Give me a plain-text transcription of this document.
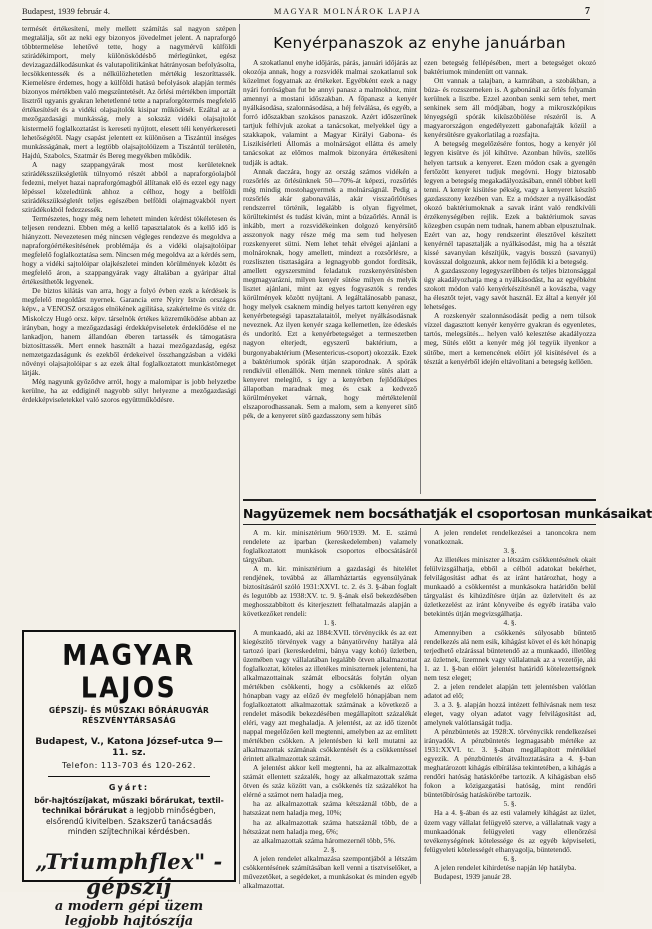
Budapest, 1939 február 4.	MAGYAR MOLNÁROK LAPJA	7

termését értékesítení, mely mellett számítás sal nagyon szépen megtalálja, sőt az neki egy bizonyos jövedelmet jelent. A napraforgó többtermelése lehetővé tette, hogy a nagymérvű külföldi szirádékimport, mely különösködésbő mérlegünket, egész devizagazdálkodásunkat és valutapolitikánkat hátrányosan befolyásolta, lecsökkentessék és a nélkülözhetetlen mértékig leszoríttassék. Kiemelésre érdemes, hogy a külföldi hatású befolyások alapján termés bizonyos mértékben való megszüntetését. Az őrlési mértékben importált lisztről ugyanis gyakran lehetetlenné tette a napraforgótermés megfelelő értékesítését és a vidéki olajsajtolók kisipar működését. Ezáltal az a mezőgazdasági munkásság, mely a sokszáz vidéki olajsajtolót kistermelő foglalkoztatást is kereseti nyújtott, elesett téli kenyérkereseti lehetőségétől. Nagy csapást jelentett ez különösen a Tiszántúl ínséges munkásságának, mert a legtöbb olajsajtolóüzem a Tiszántúl területén, Hajdú, Szabolcs, Szatmár és Bereg megyékben működik.

A nagy szappangyárak most most kerületeknek szirádéksszükségletük túlnyomó részét abból a napraforgóolajból fedezni, melyet hazai napraforgómagból állítanak elő és ezzel egy nagy lépéssel közeledtünk ahhoz a célhoz, hogy a belföldi szirádékszükségletét teljes egészében belföldi olajmagvakból nyert szirádékokból fedezzessék.

Természetes, hogy még nem lehetett minden kérdést tökéletesen és teljesen rendezni. Ebben még a kellő tapasztalatok és a kellő idő is hiányzott. Nevezetesen még nincsen végleges rendezve és megoldva a napraforgóértékesítésének problémája és a vidéki olajsajtolóipar megfelelő foglalkoztatása sem. Nincsen még megoldva az a kérdés sem, hogy a vidéki sajtolóipar olajkészletei minden körülmények között és megfelelő áron, a szappangyárak vagy általában a gyáripar által értékesíthetők legyenek.

De biztos kilátás van arra, hogy a folyó évben ezek a kérdések is megfelelő megoldást nyernek. Garancia erre Nyiry István országos képv., a VENOSZ országos elnökének agilitása, szakértelme és vitéz dr. Miskolczy Hugó orsz. képv. társelnök értékes közreműködése abban az irányban, hogy a mezőgazdasági érdekképviseletek érdeklődése el ne lankadjon, hanem állandóan éberen tartassék és támogatásra biztosíttassék. Mert ennek használt a hazai mezőgazdaság, egész nemzetgazdaságunk és ezekből érdekeivel összhangzásban a vidéki nővényi olajsajtolóipar s az ezek által foglalkoztatott munkástömeget látják.

Még nagyunk győződve arról, hogy a malomipar is jobb helyzetbe kerülne, ha az eddiginél nagyobb súlyt helyezne a mezőgazdasági érdekképviseletekkel való szoros együttműködésre.

Kenyérpanaszok az enyhe januárban

A szokatlanul enyhe időjárás, párás, januári időjárás az okozója annak, hogy a rozsvidék malmai szokatlanul sok közelmet fogyatnak az értékeket. Egyébként ezek a nagy nyári forróságban fut be annyi panasz a malmokhoz, mint amennyi a mostani időszakban. A főpanasz a kenyér nyálkásodása, szalonnásodása, a héj felválása, és egyéb, a forró időszakban szokásos panaszok. Azért időszerűnek tartjuk felhívjuk azokat a tanácsokat, melyekkel úgy a szakkapok, valamint a Magyar Királyi Gabona- és Liszikísérleti Állomás a molnárságot ellátta és amely tanácsokat az előmos malmok bizonyára értékesíteni tudják is adtak.

Annak daczára, hogy az ország számos vidékén a rozsőrlés az őrlésünknek 50—70%-át képezi, rozsőrlés még mindig mostohagyermek a molnárságnál. Pedig a rozsőrlés akár gabonaválás, akár visszaőrlőtéses rendszerrel történik, legalább is olyan figyelmet, körültekintést és tudást kíván, mint a búzaőrlés. Annál is inkább, mert a rozsvidékeinken dolgozó kenyérsütő asszonyok nagy része még ma sem tud helyesen rozskenyeret sütni. Nem lehet tehát elvégei ajánlani a molnároknak, hogy amellett, mindezt a rozsőrlésre, a rozsliszten tisztaságára a legnagyobb gondot fordítsák, amellett egyszersmind feladatuk rozskenyérsütésben megmagyarázni, milyen kenyér sütése milyen és melyik lisztet ajánlani, mint az egyes fogyasztók s rendes körülmények között nyújtani. A legáltalánosabb panasz, hogy melyek csaknem mindig helyes tartott kenyéren egy kenyérbetegségi tapasztalataitól, melyet nyálkásodásnak neveznek. Az ilyen kenyér szaga kellemetlen, íze édeskés és undorító. Ezt a kenyérbetegséget a termeszetben nagyon elterjedt, egyszerű baktérium, a burgonyabaktérium (Mesentericus-csoport) okozzák. Ezek a baktériumok spórák útján szaporodnak. A spórák rendkívül ellenállók. Nem mennek tönkre sütés alatt a kenyeret melegítő, s így a kenyérben fejlődőképes állapotban maradnak meg és csak a kedvező körülményeket várnak, hogy mértéktelenül elszaporodhassanak. Sem a malom, sem a kenyeret sütő pék, de a kenyeret sütő gazdasszony sem hibás

ezen betegség fellépésében, mert a betegséget okozó baktériumok mindenütt ott vannak.

Ott vannak a talajban, a kamrában, a szobákban, a búza- és rozsszemeken is. A gabonánál az őrlés folyamán kerülnek a lisztbe. Ezzel azonban senki sem tehet, mert senkinek sem áll módjában, hogy a mikroszkópikus lényegségű spórák kiküszöbölése részéről is. A magyarországon engedélyezett gabonafajták közül a kenyérsütésre gyakorlatilag a rozsfajta.

A betegség megelőzésére fontos, hogy a kenyér jól legyen kisütve és jól kihűtve. Azonban hűvös, szellős helyen tartsuk a kenyeret. Ezen módon csak a gyengén fertőzött kenyeret tudjuk megóvni. Hogy biztosabb legyen a betegség megakadályozásában, ennél többet kell tenni. A kenyér kisütése pékség, vagy a kenyeret készítő gazdasszony kezében van. Ez a módszer a nyálkásodást okozó baktériumoknak a savak iránt való rendkívüli érzékenységében rejlik. Ezek a baktériumok savas közegben csupán nem tudnak, hanem abban elpusztulnak. Ezért van az, hogy rendszerint élesztővel készített kenyérnél tapasztalják a nyálkásodást, mig ha a tésztát kissé savanyúan készítjük, vagyis bosszú (savanyú) kovásszal dolgozunk, akkor nem fejlődik ki a betegség.

A gazdasszony legegyszerűbben és teljes biztonsággal úgy akadályozhatja meg a nyálkásodást, ha az egyébként szokott módon való kenyérkészítésnél a kovászba, vagy ha élesztőt tejet, vagy savót használ. Ez által a kenyér jól lehetséges.

A rozskenyér szalonnásodását pedig a nem túlsok vízzel dagasztott kenyér kenyérre gyakran és egyenletes, tartós, melegsütés... helyen való kelesztése akadályozza meg, Sütés előtt a kenyér még jól tegyük ilyenkor a sütőbe, mert a kemencének előírt jól kisütésével és a tésztát a kenyérből idején eltávolítani a betegség kellően.

Nagyüzemek nem bocsáthatják el csoportosan munkásaikat

A m. kir. minisztérium 960/1939. M. E. számú rendelete az iparban (kereskedelemben) valamely foglalkoztatott munkások csoportos elbocsátásáról tárgyában.

A m. kir. minisztérium a gazdasági és hitelélet rendjének, továbbá az államháztartás egyensúlyának biztosításáról szóló 1931:XXVI. tc. 2. és 3. §-ában foglalt és legutóbb az 1938:XV. tc. 9. §-ának első bekezdésében meghosszabbított és kiterjesztett felhatalmazás alapján a következőket rendeli:

1. §.

A munkaadó, aki az 1884:XVII. törvénycikk és az ezt kiegészítő törvények vagy a bányatörvény hatálya alá tartozó ipari (kereskedelmi, bánya vagy kohó) üzletben, üzemében vagy vállalatában legalább ötven alkalmazottat foglalkoztat, köteles az illetékes miniszternek jelenteni, ha alkalmazottainak számát elbocsátás folytán olyan mértékben csökkenti, hogy a csökkenés az előző hónapban vagy az előző év megfelelő hónapjában nem foglalkoztatott alkalmazottak számának a következő a rendelet második bekezdésében megállapított százalékát eléri, vagy azt meghaladja. A jelentést, az az idő tizenöt nappal megelőzően kell megtenni, amelyben az az említett mértékben csökken. A jelentésben ki kell mutatni az alkalmazottak számának csökkentését és a csökkentéssel érintett alkalmazottak számát.

A jelentést akkor kell megtenni, ha az alkalmazottak számát ellentett százalék, hogy az alkalmazottak száma ötven és száz között van, a csökkenés tíz százalékot ha elérné a számot nem haladja meg,

ha az alkalmazottak száma kétszáznál több, de a hatszázat nem haladja meg, 10%;

ha az alkalmazottak száma hatszáznál több, de a hétszázat nem haladja meg, 6%;

az alkalmazottak száma háromezernél több, 5%.

2. §.

A jelen rendelet alkalmazása szempontjából a létszám csökkentésének számításában kell venni a tisztviselőket, a művezetőket, a segédeket, a munkásokat és minden egyéb alkalmazottat.

A jelen rendelet rendelkezései a tanoncokra nem vonatkoznak.

3. §.

Az illetékes miniszter a létszám csökkentésének okait felülvizsgálhatja, ebből a célból adatokat bekérhet, felvilágosítást adhat és az iránt határozhat, hogy a munkaadó a csökkentést a munkásokra határidőn belül tárgyalást és kihúzdítésre útján az üzletvitelt és az üzletkezelést az iránt könyveibe és egyéb iratába valo betekintés útján megvizsgálhatja.

4. §.

Amennyiben a csökkenés súlyosabb bűntető rendelkezés alá nem esik, kihágást követ el és két hónapig terjedhető elzárással büntetendő az a munkaadó, illetőleg az üzletnek, üzemnek vagy vállalatnak az a vezetője, aki 1. az 1. §-ban előírt jelentést határidő kötelezettségnek nem tesz eleget;

2. a jelen rendelet alapján tett jelentésben valótlan adatot ad elő;

3. a 3. §. alapján hozzá intézett felhívásnak nem tesz eleget, vagy olyan adatot vagy felvilágosítást ad, amelynek valótlanságát tudja.

A pénzbüntetés az 1928:X. törvénycikk rendelkezései irányadók. A pénzbüntetés legmagasabb mértéke az 1931:XXVI. tc. 3. §-ában megállapított mértékkel egyezik. A pénzbüntetés átváltoztatására a 4. §-ban meghatározott kihágás elbírálása tekintetében, a kihágás a rendőri hatóság hatáskörébe tartozik. A kihágásban első fokon a közigazgatási hatóság, mint rendőri büntetőbíróság hatáskörébe tartozik.

5. §.

Ha a 4. §-ában és az esti valamely kihágást az üzlet, üzem vagy vállalat felügyelő szerve, a vállalatnak vagy a munkaadónak felügyeleti vagy ellenőrzési tevékenységének kötelessége és az egyéb képviseleti, felügyeleti kötelességét elhanyagolja, büntetendő.

6. §.

A jelen rendelet kihirdetése napján lép hatályba.

Budapest, 1939 január 28.

MAGYAR LAJOS
GÉPSZÍJ- ÉS MŰSZAKI BŐRÁRUGYÁR RÉSZVÉNYTÁRSASÁG
Budapest, V., Katona József-utca 9—11. sz.
Telefon: 113-703 és 120-262.
Gyárt:
bőr-hajtószíjakat, műszaki bőrárukat, textil-technikai bőrárukat a legjobb minőségben, elsőrendű kivitelben. Szakszerű tanácsadás minden szíjtechnikai kérdésben.
„Triumphflex" -gépszíj
a modern gépi üzem
legjobb hajtószíja
